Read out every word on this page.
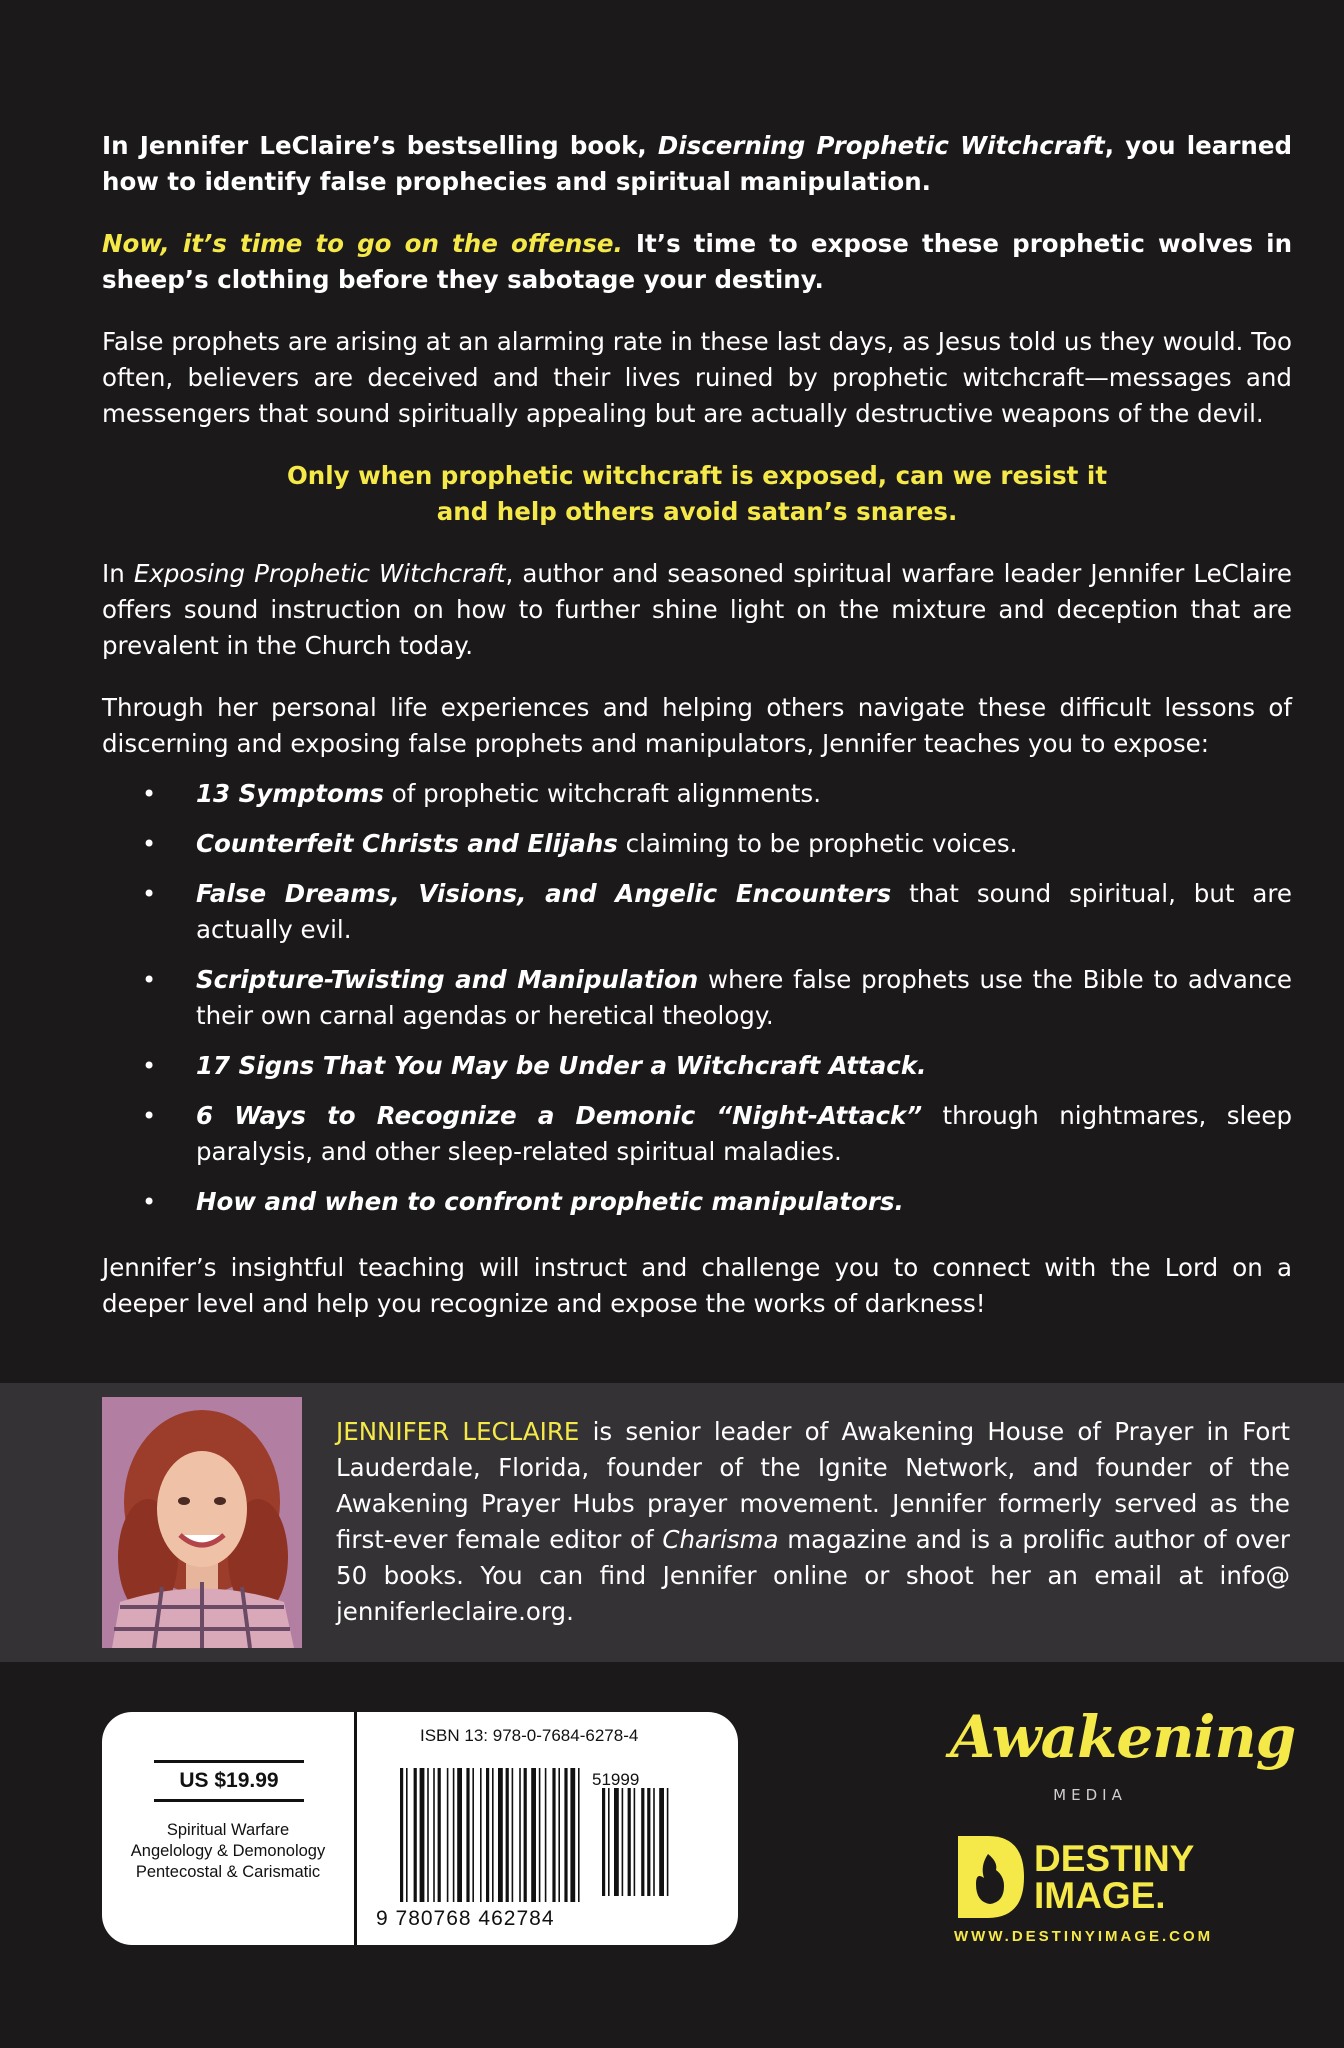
In Jennifer LeClaire’s bestselling book, Discerning Prophetic Witchcraft, you learned how to identify false prophecies and spiritual manipulation.

Now, it’s time to go on the offense. It’s time to expose these prophetic wolves in sheep’s clothing before they sabotage your destiny.

False prophets are arising at an alarming rate in these last days, as Jesus told us they would. Too often, believers are deceived and their lives ruined by prophetic witchcraft—messages and messengers that sound spiritually appealing but are actually destructive weapons of the devil.

Only when prophetic witchcraft is exposed, can we resist it

and help others avoid satan’s snares.

In Exposing Prophetic Witchcraft, author and seasoned spiritual warfare leader Jennifer LeClaire offers sound instruction on how to further shine light on the mixture and deception that are prevalent in the Church today.

Through her personal life experiences and helping others navigate these difficult lessons of discerning and exposing false prophets and manipulators, Jennifer teaches you to expose:

• 13 Symptoms of prophetic witchcraft alignments.
• Counterfeit Christs and Elijahs claiming to be prophetic voices.
• False Dreams, Visions, and Angelic Encounters that sound spiritual, but are actually evil.
• Scripture-Twisting and Manipulation where false prophets use the Bible to advance their own carnal agendas or heretical theology.
• 17 Signs That You May be Under a Witchcraft Attack.
• 6 Ways to Recognize a Demonic “Night-Attack” through nightmares, sleep paralysis, and other sleep-related spiritual maladies.
• How and when to confront prophetic manipulators.

Jennifer’s insightful teaching will instruct and challenge you to connect with the Lord on a deeper level and help you recognize and expose the works of darkness!

JENNIFER LECLAIRE is senior leader of Awakening House of Prayer in Fort Lauderdale, Florida, founder of the Ignite Network, and founder of the Awakening Prayer Hubs prayer movement. Jennifer formerly served as the first-ever female editor of Charisma magazine and is a prolific author of over 50 books. You can find Jennifer online or shoot her an email at info@ jenniferleclaire.org.

US $19.99
Spiritual Warfare
Angelology & Demonology
Pentecostal & Carismatic
ISBN 13: 978-0-7684-6278-4
9 780768 462784
51999
Awakening
MEDIA
DESTINY
IMAGE.
WWW.DESTINYIMAGE.COM
